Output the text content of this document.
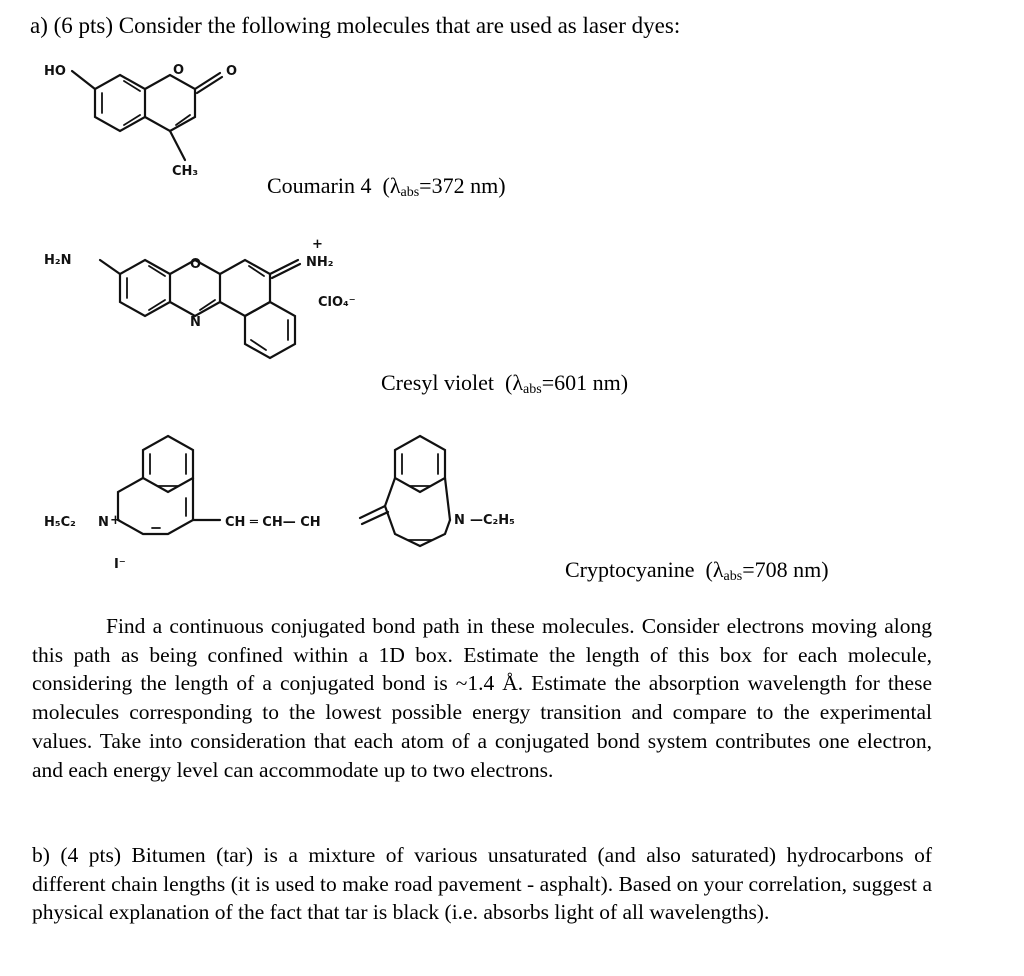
a) (6 pts) Consider the following molecules that are used as laser dyes:
HO	O	O
CH₃
Coumarin 4  ($\lambda_{abs}=372$ nm)
H₂N	O
N
+
NH₂
ClO₄⁻
Cresyl violet  ($\lambda_{abs}=601$ nm)
H₅C₂ N +
I⁻
CH ═ CH— CH	N —C₂H₅
Cryptocyanine  ($\lambda_{abs}=708$ nm)
Find a continuous conjugated bond path in these molecules. Consider electrons moving along this path as being confined within a 1D box. Estimate the length of this box for each molecule, considering the length of a conjugated bond is ~1.4 Å. Estimate the absorption wavelength for these molecules corresponding to the lowest possible energy transition and compare to the experimental values. Take into consideration that each atom of a conjugated bond system contributes one electron, and each energy level can accommodate up to two electrons.
b) (4 pts) Bitumen (tar) is a mixture of various unsaturated (and also saturated) hydrocarbons of different chain lengths (it is used to make road pavement - asphalt). Based on your correlation, suggest a physical explanation of the fact that tar is black (i.e. absorbs light of all wavelengths).
